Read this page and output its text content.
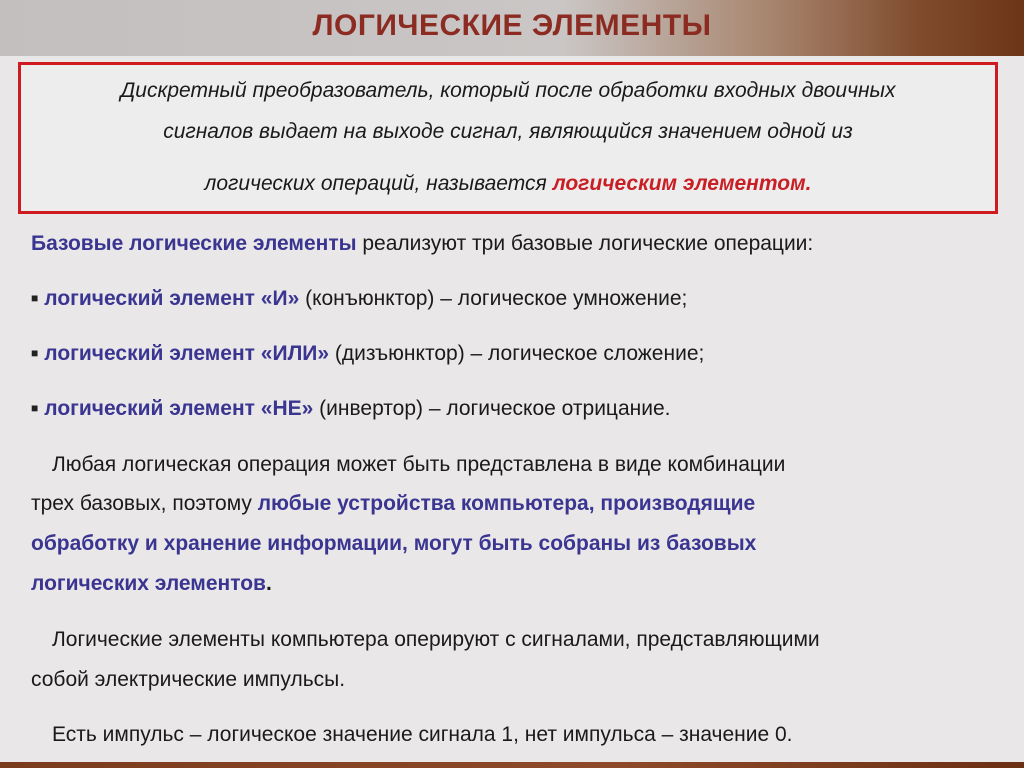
ЛОГИЧЕСКИЕ ЭЛЕМЕНТЫ
Дискретный преобразователь, который после обработки входных двоичных
сигналов выдает на выходе сигнал, являющийся значением одной из
логических операций, называется логическим элементом.
Базовые логические элементы реализуют три базовые логические операции:
■ логический элемент «И» (конъюнктор) – логическое умножение;
■ логический элемент «ИЛИ» (дизъюнктор) – логическое сложение;
■ логический элемент «НЕ» (инвертор) – логическое отрицание.
Любая логическая операция может быть представлена в виде комбинации
трех базовых, поэтому любые устройства компьютера, производящие
обработку и хранение информации, могут быть собраны из базовых
логических элементов.
Логические элементы компьютера оперируют с сигналами, представляющими
собой электрические импульсы.
Есть импульс – логическое значение сигнала 1, нет импульса – значение 0.
